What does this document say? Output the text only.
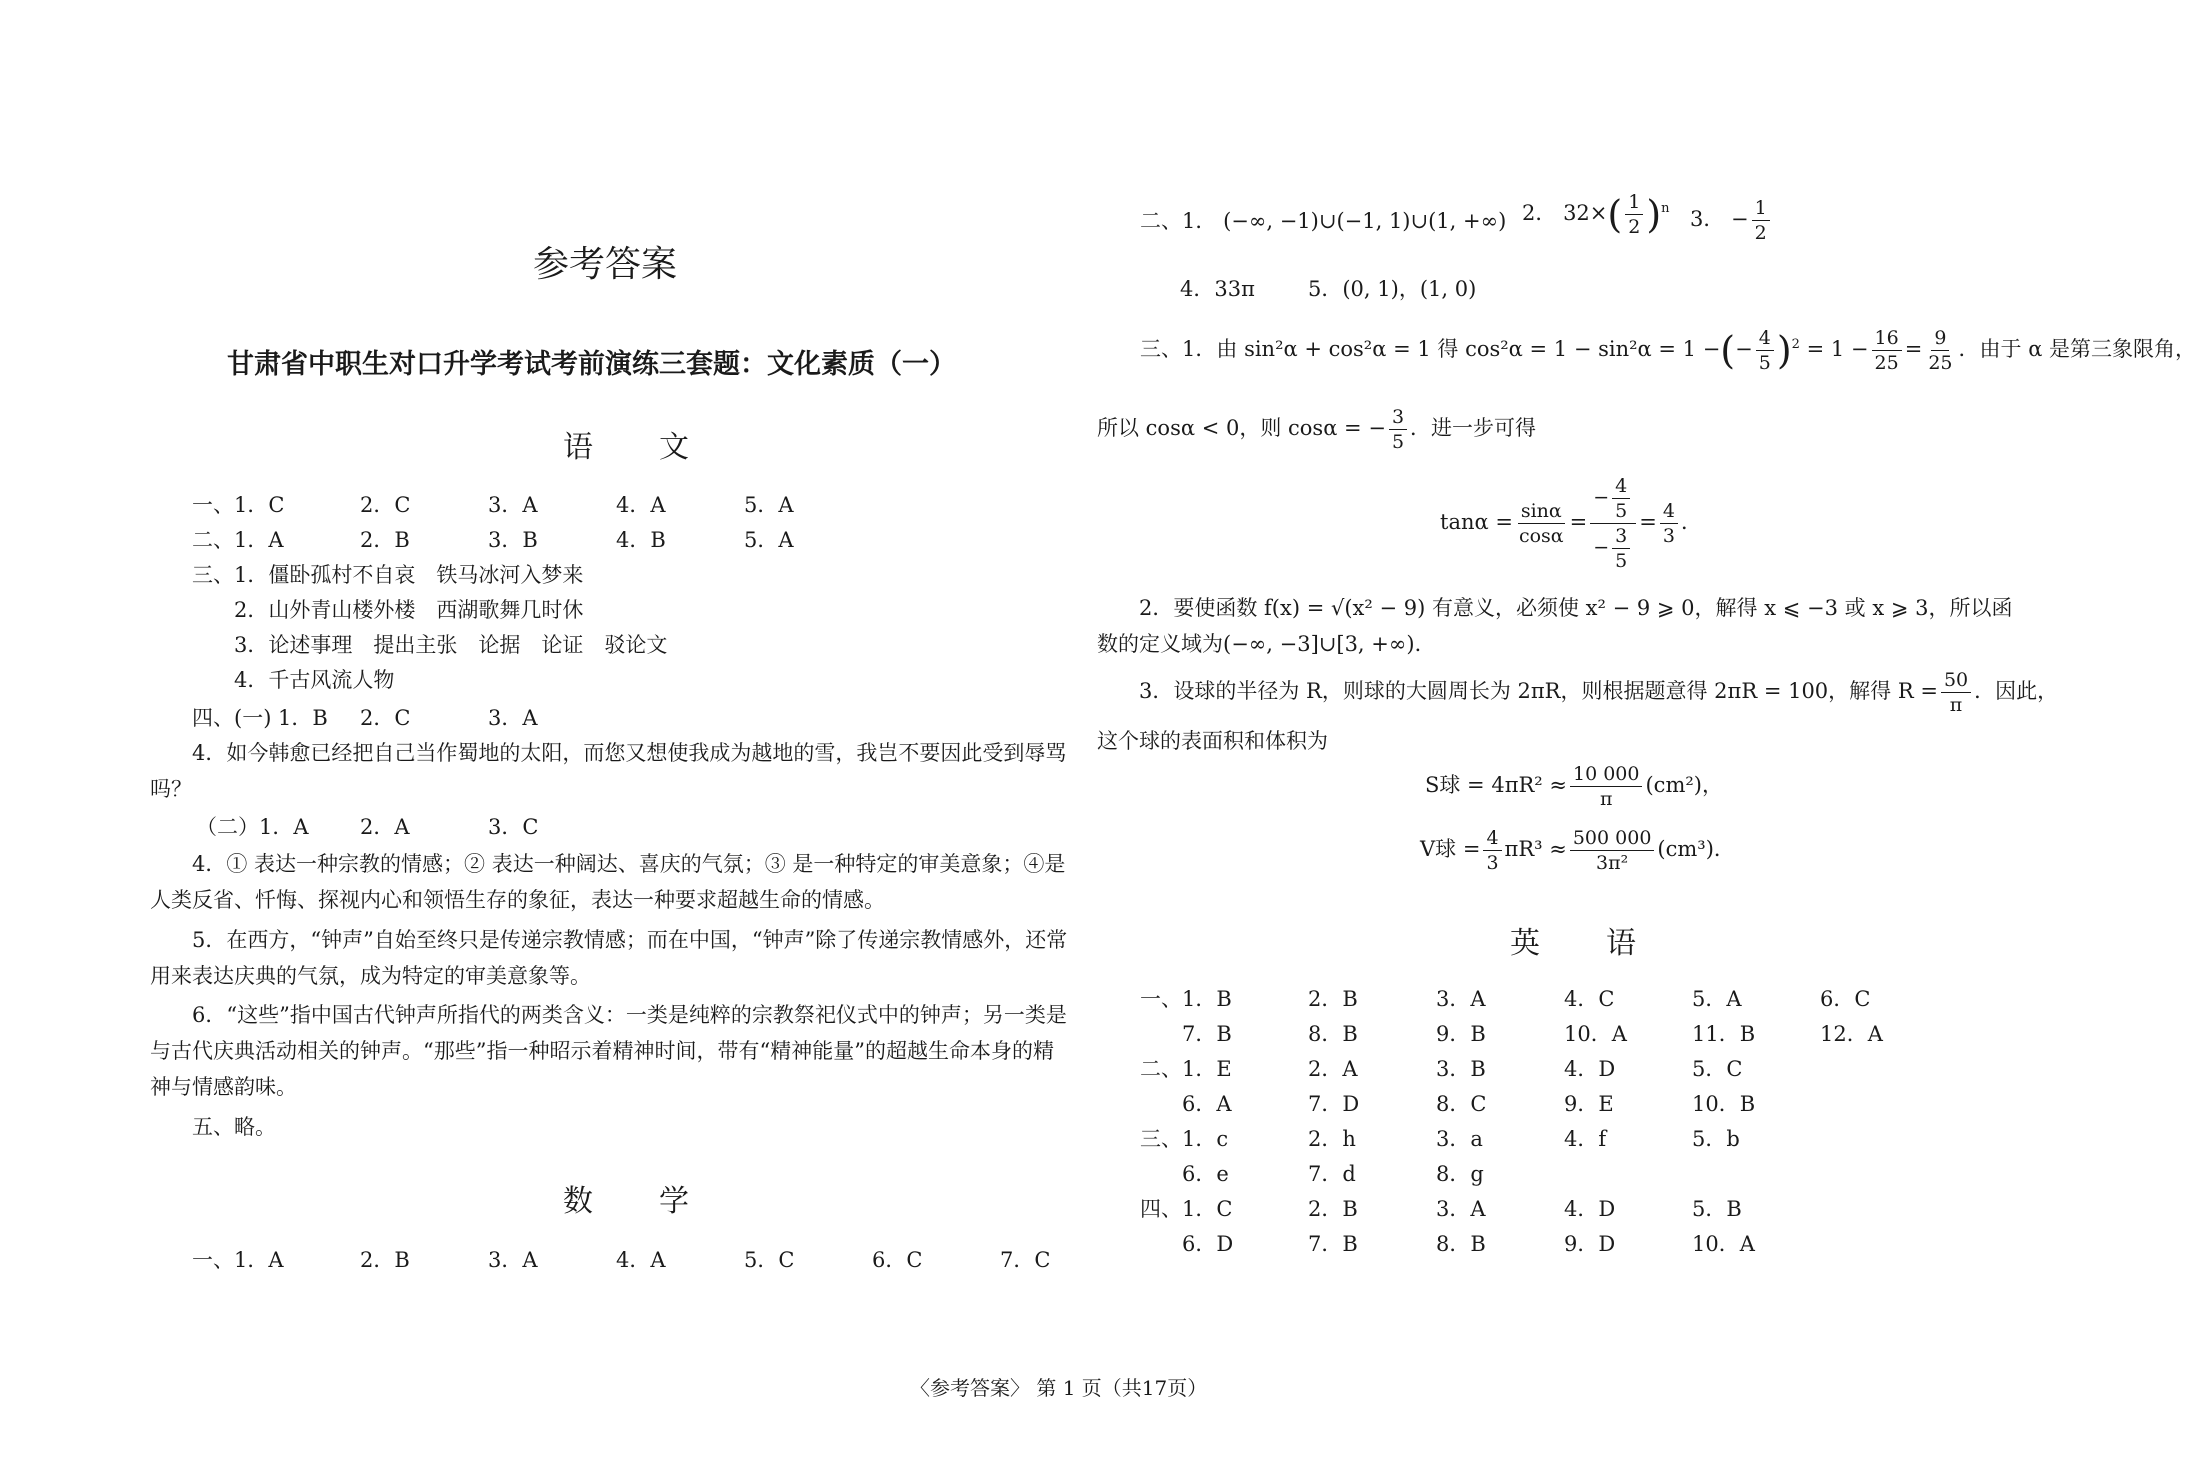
参考答案
甘肃省中职生对口升学考试考前演练三套题：文化素质（一）
语　文
一、1．C	2．C	3．A	4．A	5．A
二、1．A	2．B	3．B	4．B	5．A
三、1．僵卧孤村不自哀　铁马冰河入梦来
2．山外青山楼外楼　西湖歌舞几时休
3．论述事理　提出主张　论据　论证　驳论文
4．千古风流人物
四、(一) 1．B 2．C	3．A
4．如今韩愈已经把自己当作蜀地的太阳，而您又想使我成为越地的雪，我岂不要因此受到辱骂吗？
（二）1．A 2．A	3．C
4．① 表达一种宗教的情感；② 表达一种阔达、喜庆的气氛；③ 是一种特定的审美意象；④是人类反省、忏悔、探视内心和领悟生存的象征，表达一种要求超越生命的情感。
5．在西方，“钟声”自始至终只是传递宗教情感；而在中国，“钟声”除了传递宗教情感外，还常用来表达庆典的气氛，成为特定的审美意象等。
6．“这些”指中国古代钟声所指代的两类含义：一类是纯粹的宗教祭祀仪式中的钟声；另一类是与古代庆典活动相关的钟声。“那些”指一种昭示着精神时间，带有“精神能量”的超越生命本身的精神与情感韵味。
五、略。
数　学
一、1．A	2．B	3．A	4．A	5．C	6．C	7．C
二、1． (−∞, −1)∪(−1, 1)∪(1, +∞) 2． $32\times( \frac{1}{2} )^n$ 3． − $\frac{1}{2}$
4．33π	5．(0, 1)，(1, 0)
三、1．由 sin²α + cos²α = 1 得 cos²α = 1 − sin²α = 1 −(− $\frac{4}{5} )^2 = 1 - \frac{16}{25} = \frac{9}{25}$ ．由于 α 是第三象限角，
所以 cosα < 0，则 cosα = − $\frac{3}{5}$ ．进一步可得
$\tan\alpha = \frac{\sin\alpha}{\cos\alpha} = \frac{- \frac{4}{5}}{- \frac{3}{5}} = \frac{4}{3}$ ．
2．要使函数 f(x) = √(x² − 9) 有意义，必须使 x² − 9 ⩾ 0，解得 x ⩽ −3 或 x ⩾ 3，所以函数的定义域为(−∞, −3]∪[3, +∞)．
3．设球的半径为 R，则球的大圆周长为 2πR，则根据题意得 2πR = 100，解得 $R = \frac{50}{\pi}$ ．因此，
这个球的表面积和体积为
S球 = $4\pi R^2 \approx \frac{10 000}{\pi} (cm^2)$，
V球 = $\frac{4}{3} \pi R^3 \approx \frac{500 000}{\text{3π²}} (cm^3)$．
英　语
一、1．B	2．B	3．A	4．C	5．A	6．C
7．B	8．B	9．B	10．A	11．B	12．A
二、1．E	2．A	3．B	4．D	5．C
6．A	7．D	8．C	9．E	10．B
三、1．c	2．h	3．a	4．f	5．b
6．e	7．d	8．g
四、1．C	2．B	3．A	4．D	5．B
6．D	7．B	8．B	9．D	10．A
〈参考答案〉 第 1 页（共17页）
